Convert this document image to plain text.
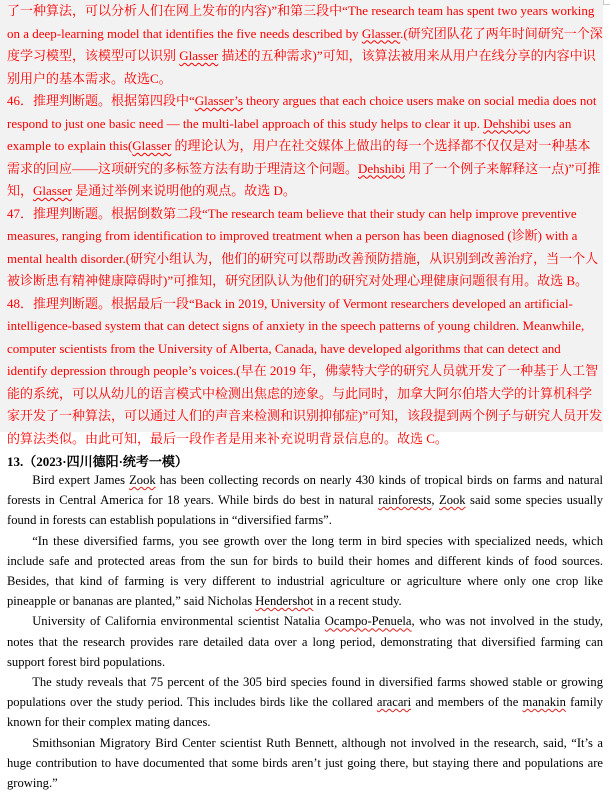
了一种算法，可以分析人们在网上发布的内容)”和第三段中“The research team has spent two years working on a deep-learning model that identifies the five needs described by Glasser.(研究团队花了两年时间研究一个深度学习模型，该模型可以识别 Glasser 描述的五种需求)”可知，该算法被用来从用户在线分享的内容中识别用户的基本需求。故选C。

46．推理判断题。根据第四段中“Glasser’s theory argues that each choice users make on social media does not respond to just one basic need — the multi-label approach of this study helps to clear it up. Dehshibi uses an example to explain this(Glasser 的理论认为，用户在社交媒体上做出的每一个选择都不仅仅是对一种基本需求的回应——这项研究的多标签方法有助于理清这个问题。Dehshibi 用了一个例子来解释这一点)”可推知，Glasser 是通过举例来说明他的观点。故选 D。

47．推理判断题。根据倒数第二段“The research team believe that their study can help improve preventive measures, ranging from identification to improved treatment when a person has been diagnosed (诊断) with a mental health disorder.(研究小组认为，他们的研究可以帮助改善预防措施，从识别到改善治疗，当一个人被诊断患有精神健康障碍时)”可推知，研究团队认为他们的研究对处理心理健康问题很有用。故选 B。

48．推理判断题。根据最后一段“Back in 2019, University of Vermont researchers developed an artificial-intelligence-based system that can detect signs of anxiety in the speech patterns of young children. Meanwhile, computer scientists from the University of Alberta, Canada, have developed algorithms that can detect and identify depression through people’s voices.(早在 2019 年，佛蒙特大学的研究人员就开发了一种基于人工智能的系统，可以从幼儿的语言模式中检测出焦虑的迹象。与此同时，加拿大阿尔伯塔大学的计算机科学家开发了一种算法，可以通过人们的声音来检测和识别抑郁症)”可知，该段提到两个例子与研究人员开发的算法类似。由此可知，最后一段作者是用来补充说明背景信息的。故选 C。

13.（2023·四川德阳·统考一模）

Bird expert James Zook has been collecting records on nearly 430 kinds of tropical birds on farms and natural forests in Central America for 18 years. While birds do best in natural rainforests, Zook said some species usually found in forests can establish populations in “diversified farms”.

“In these diversified farms, you see growth over the long term in bird species with specialized needs, which include safe and protected areas from the sun for birds to build their homes and different kinds of food sources. Besides, that kind of farming is very different to industrial agriculture or agriculture where only one crop like pineapple or bananas are planted,” said Nicholas Hendershot in a recent study.

University of California environmental scientist Natalia Ocampo-Penuela, who was not involved in the study, notes that the research provides rare detailed data over a long period, demonstrating that diversified farming can support forest bird populations.

The study reveals that 75 percent of the 305 bird species found in diversified farms showed stable or growing populations over the study period. This includes birds like the collared aracari and members of the manakin family known for their complex mating dances.

Smithsonian Migratory Bird Center scientist Ruth Bennett, although not involved in the research, said, “It’s a huge contribution to have documented that some birds aren’t just going there, but staying there and populations are growing.”
